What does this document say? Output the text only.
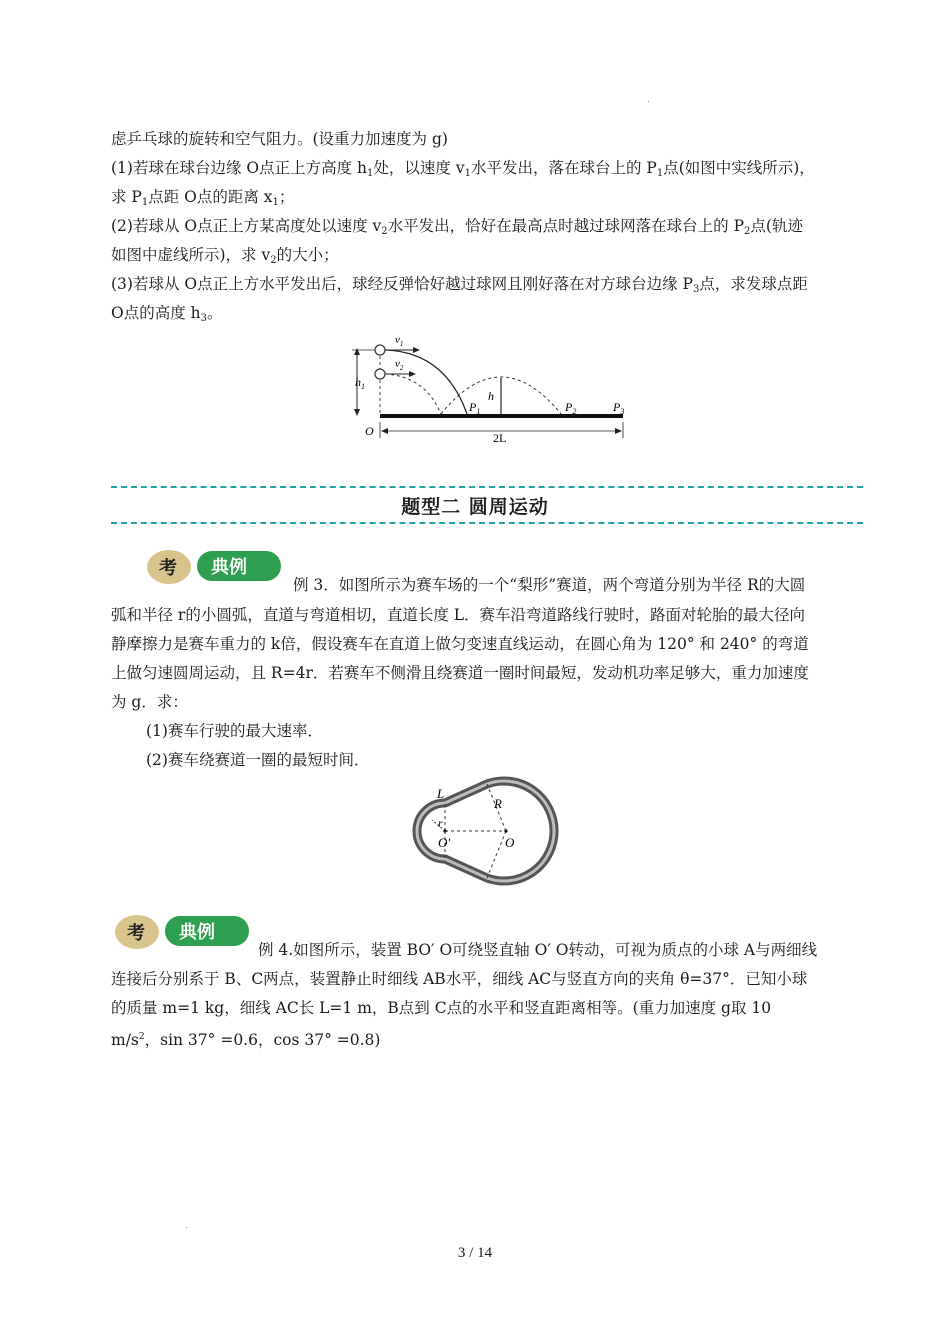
虑乒乓球的旋转和空气阻力。(设重力加速度为 g)

(1)若球在球台边缘 O点正上方高度 $h_1$处，以速度 $v_1$水平发出，落在球台上的 $P_1$点(如图中实线所示)，

求 $P_1$点距 O点的距离 $x_1$；

(2)若球从 O点正上方某高度处以速度 $v_2$水平发出，恰好在最高点时越过球网落在球台上的 $P_2$点(轨迹

如图中虚线所示)，求 $v_2$的大小；

(3)若球从 O点正上方水平发出后，球经反弹恰好越过球网且刚好落在对方球台边缘 $P_3$点，求发球点距

O点的高度 $h_3$。

$h_1$
$v_1$
$v_2$
h
$P_1$	$P_2$	$P_3$
O	2L
题型二 圆周运动
考 典例

例 3．如图所示为赛车场的一个“梨形”赛道，两个弯道分别为半径 R的大圆

弧和半径 r的小圆弧，直道与弯道相切，直道长度 L．赛车沿弯道路线行驶时，路面对轮胎的最大径向

静摩擦力是赛车重力的 k倍，假设赛车在直道上做匀变速直线运动，在圆心角为 120° 和 240° 的弯道

上做匀速圆周运动，且 R=4r．若赛车不侧滑且绕赛道一圈时间最短，发动机功率足够大，重力加速度

为 g．求：

(1)赛车行驶的最大速率．

(2)赛车绕赛道一圈的最短时间．

L
R
r
O′	O
考 典例

例 4.如图所示，装置 BO′ O可绕竖直轴 O′ O转动，可视为质点的小球 A与两细线

连接后分别系于 B、C两点，装置静止时细线 AB水平，细线 AC与竖直方向的夹角 θ=37°．已知小球

的质量 m=1 kg，细线 AC长 L=1 m，B点到 C点的水平和竖直距离相等。(重力加速度 g取 10

$m/s^2$，sin 37° =0.6，cos 37° =0.8)

3 / 14
